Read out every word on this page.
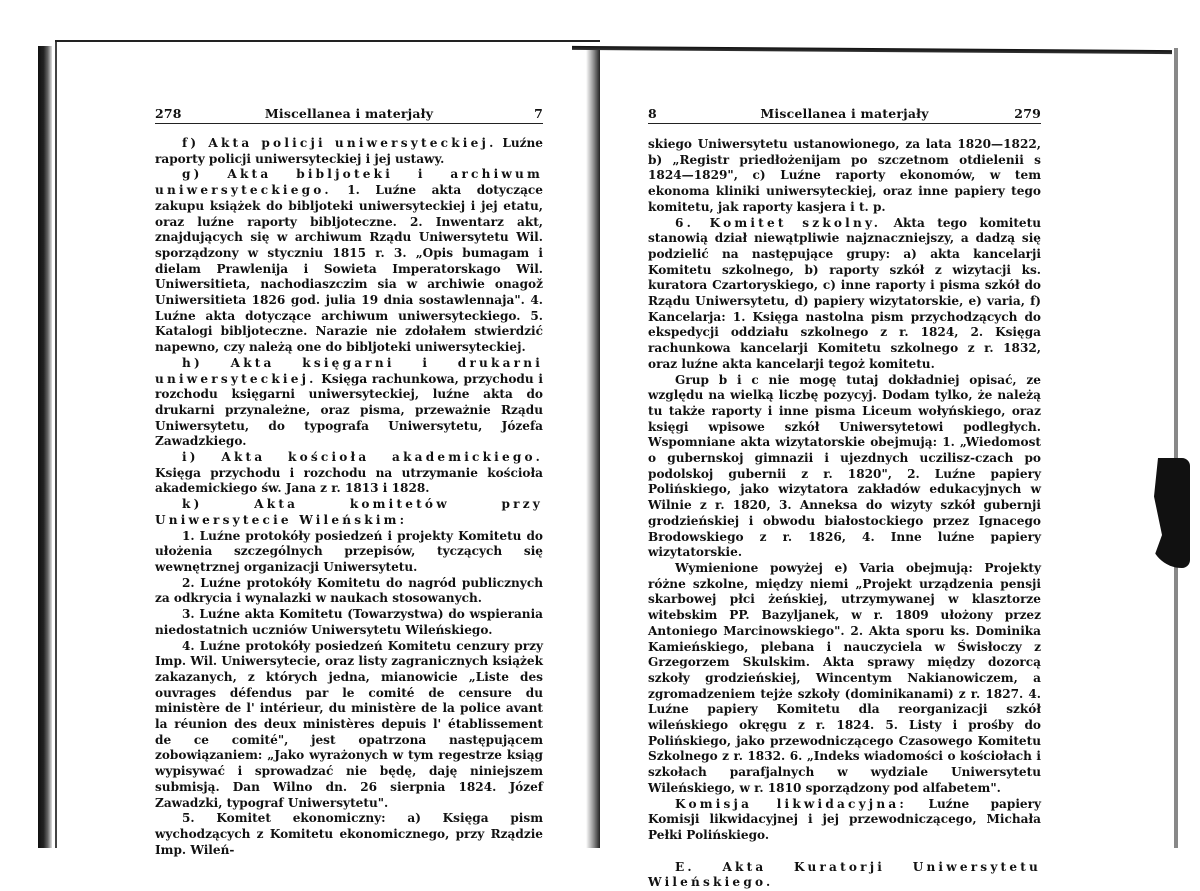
278	Miscellanea i materjały	7

f) Akta policji uniwersyteckiej. Luźne raporty policji uniwersyteckiej i jej ustawy.

g) Akta bibljoteki i archiwum uniwersyteckiego. 1. Luźne akta dotyczące zakupu książek do bibljoteki uniwersyteckiej i jej etatu, oraz luźne raporty bibljoteczne. 2. Inwentarz akt, znajdujących się w archiwum Rządu Uniwersytetu Wil. sporządzony w styczniu 1815 r. 3. „Opis bumagam i dielam Prawlenija i Sowieta Imperatorskago Wil. Uniwersitieta, nachodiaszczim sia w archiwie onagož Uniwersitieta 1826 god. julia 19 dnia sostawlennaja". 4. Luźne akta dotyczące archiwum uniwersyteckiego. 5. Katalogi bibljoteczne. Narazie nie zdołałem stwierdzić napewno, czy należą one do bibljoteki uniwersyteckiej.

h) Akta księgarni i drukarni uniwersyteckiej. Księga rachunkowa, przychodu i rozchodu księgarni uniwersyteckiej, luźne akta do drukarni przynależne, oraz pisma, przeważnie Rządu Uniwersytetu, do typografa Uniwersytetu, Józefa Zawadzkiego.

i) Akta kościoła akademickiego. Księga przychodu i rozchodu na utrzymanie kościoła akademickiego św. Jana z r. 1813 i 1828.

k) Akta komitetów przy Uniwersytecie Wileńskim:

1. Luźne protokóły posiedzeń i projekty Komitetu do ułożenia szczególnych przepisów, tyczących się wewnętrznej organizacji Uniwersytetu.

2. Luźne protokóły Komitetu do nagród publicznych za odkrycia i wynalazki w naukach stosowanych.

3. Luźne akta Komitetu (Towarzystwa) do wspierania niedostatnich uczniów Uniwersytetu Wileńskiego.

4. Luźne protokóły posiedzeń Komitetu cenzury przy Imp. Wil. Uniwersytecie, oraz listy zagranicznych książek zakazanych, z których jedna, mianowicie „Liste des ouvrages défendus par le comité de censure du ministère de l' intérieur, du ministère de la police avant la réunion des deux ministères depuis l' établissement de ce comité", jest opatrzona następującem zobowiązaniem: „Jako wyrażonych w tym regestrze ksiąg wypisywać i sprowadzać nie będę, daję niniejszem submisją. Dan Wilno dn. 26 sierpnia 1824. Józef Zawadzki, typograf Uniwersytetu".

5. Komitet ekonomiczny: a) Księga pism wychodzących z Komitetu ekonomicznego, przy Rządzie Imp. Wileń-

8	Miscellanea i materjały	279

skiego Uniwersytetu ustanowionego, za lata 1820—1822, b) „Registr priedłożenijam po szczetnom otdielenii s 1824—1829", c) Luźne raporty ekonomów, w tem ekonoma kliniki uniwersyteckiej, oraz inne papiery tego komitetu, jak raporty kasjera i t. p.

6. Komitet szkolny. Akta tego komitetu stanowią dział niewątpliwie najznaczniejszy, a dadzą się podzielić na następujące grupy: a) akta kancelarji Komitetu szkolnego, b) raporty szkół z wizytacji ks. kuratora Czartoryskiego, c) inne raporty i pisma szkół do Rządu Uniwersytetu, d) papiery wizytatorskie, e) varia, f) Kancelarja: 1. Księga nastolna pism przychodzących do ekspedycji oddziału szkolnego z r. 1824, 2. Księga rachunkowa kancelarji Komitetu szkolnego z r. 1832, oraz luźne akta kancelarji tegoż komitetu.

Grup b i c nie mogę tutaj dokładniej opisać, ze względu na wielką liczbę pozycyj. Dodam tylko, że należą tu także raporty i inne pisma Liceum wołyńskiego, oraz księgi wpisowe szkół Uniwersytetowi podległych. Wspomniane akta wizytatorskie obejmują: 1. „Wiedomost o gubernskoj gimnazii i ujezdnych uczilisz-czach po podolskoj gubernii z r. 1820", 2. Luźne papiery Polińskiego, jako wizytatora zakładów edukacyjnych w Wilnie z r. 1820, 3. Anneksa do wizyty szkół gubernji grodzieńskiej i obwodu białostockiego przez Ignacego Brodowskiego z r. 1826, 4. Inne luźne papiery wizytatorskie.

Wymienione powyżej e) Varia obejmują: Projekty różne szkolne, między niemi „Projekt urządzenia pensji skarbowej płci żeńskiej, utrzymywanej w klasztorze witebskim PP. Bazyljanek, w r. 1809 ułożony przez Antoniego Marcinowskiego". 2. Akta sporu ks. Dominika Kamieńskiego, plebana i nauczyciela w Świsłoczy z Grzegorzem Skulskim. Akta sprawy między dozorcą szkoły grodzieńskiej, Wincentym Nakianowiczem, a zgromadzeniem tejże szkoły (dominikanami) z r. 1827. 4. Luźne papiery Komitetu dla reorganizacji szkół wileńskiego okręgu z r. 1824. 5. Listy i prośby do Polińskiego, jako przewodniczącego Czasowego Komitetu Szkolnego z r. 1832. 6. „Indeks wiadomości o kościołach i szkołach parafjalnych w wydziale Uniwersytetu Wileńskiego, w r. 1810 sporządzony pod alfabetem".

Komisja likwidacyjna: Luźne papiery Komisji likwidacyjnej i jej przewodniczącego, Michała Pełki Polińskiego.

E. Akta Kuratorji Uniwersytetu Wileńskiego.
